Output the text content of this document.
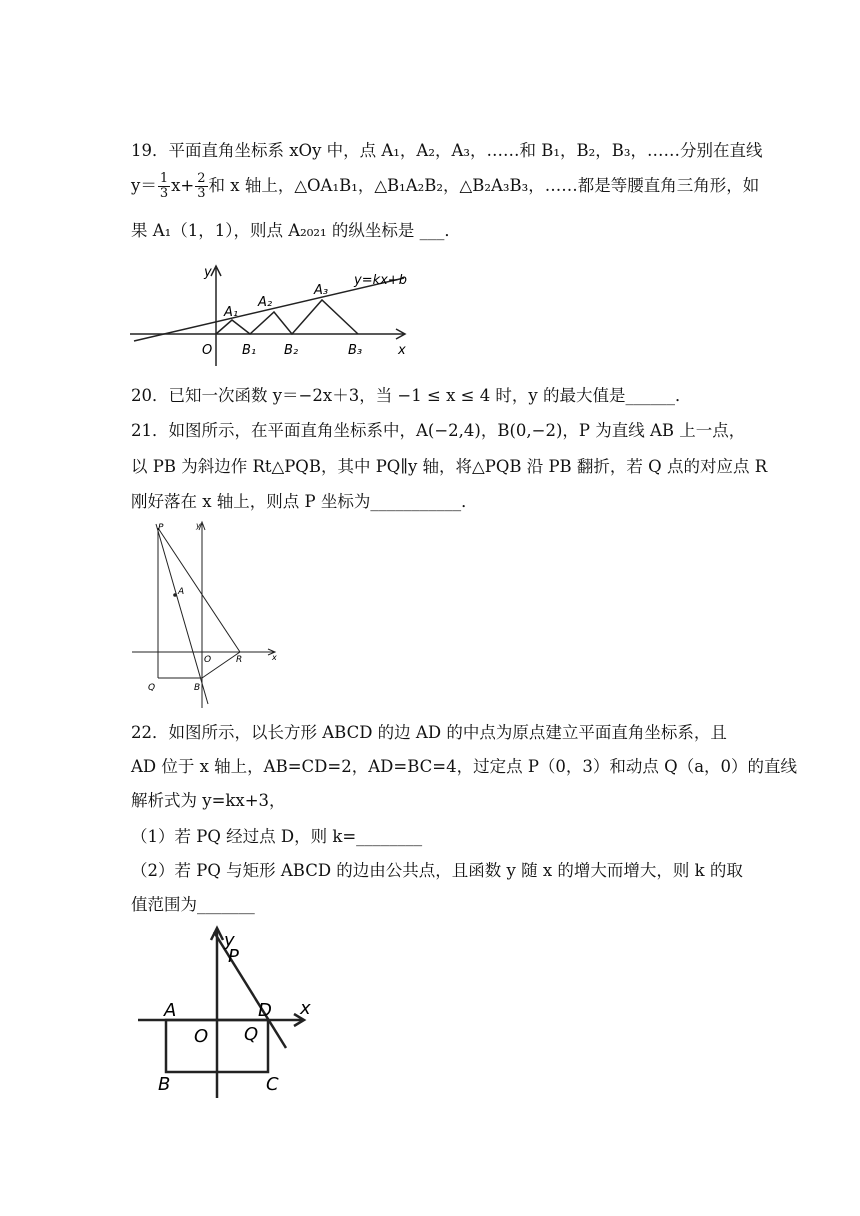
19．平面直角坐标系 xOy 中，点 A₁，A₂，A₃，……和 B₁，B₂，B₃，……分别在直线
$y= \frac{1}{3} x+ \frac{2}{3}$ 和 x 轴上，△OA₁B₁，△B₁A₂B₂，△B₂A₃B₃，……都是等腰直角三角形，如
果 A₁（1，1），则点 A₂₀₂₁ 的纵坐标是 ___．
y=kx+b
y
x
O
A₁
A₂
A₃
B₁ B₂	B₃
20．已知一次函数 y＝−2x＋3，当 −1 ≤ x ≤ 4 时，y 的最大值是______．
21．如图所示，在平面直角坐标系中，A(−2,4)，B(0,−2)，P 为直线 AB 上一点，
以 PB 为斜边作 Rt△PQB，其中 PQ∥y 轴，将△PQB 沿 PB 翻折，若 Q 点的对应点 R
刚好落在 x 轴上，则点 P 坐标为___________．
P
A
y
x
O	R
Q	B
22．如图所示，以长方形 ABCD 的边 AD 的中点为原点建立平面直角坐标系，且
AD 位于 x 轴上，AB=CD=2，AD=BC=4，过定点 P（0，3）和动点 Q（a，0）的直线
解析式为 y=kx+3，
（1）若 PQ 经过点 D，则 k=________
（2）若 PQ 与矩形 ABCD 的边由公共点，且函数 y 随 x 的增大而增大，则 k 的取
值范围为_______
y
P
A
O Q
D x
B	C
